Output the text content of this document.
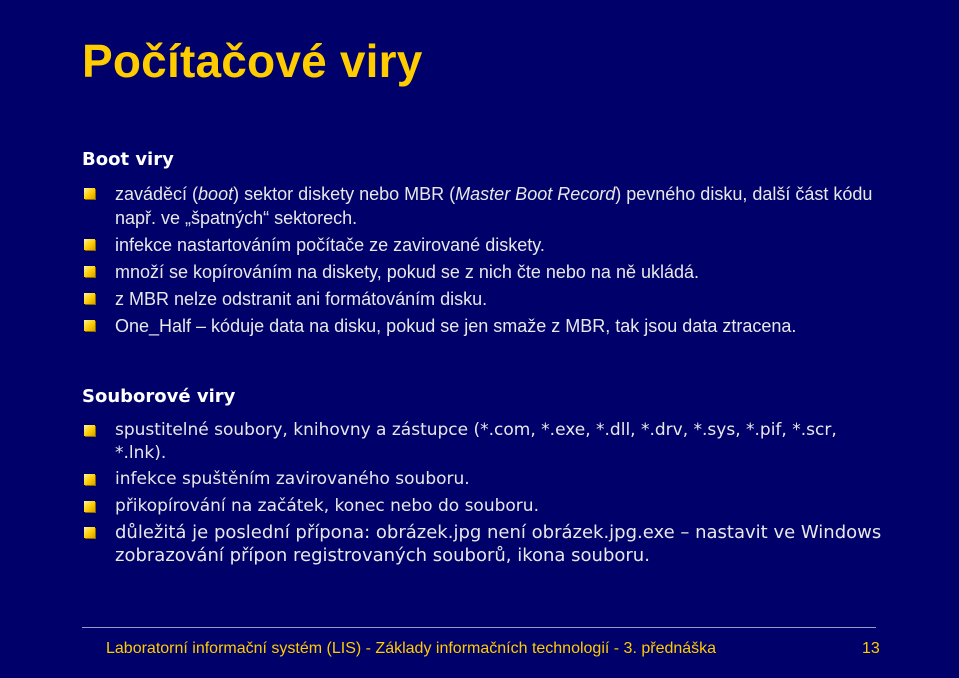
Počítačové viry
Boot viry
zaváděcí (boot) sektor diskety nebo MBR (Master Boot Record) pevného disku, další část kódu např. ve „špatných“ sektorech.
infekce nastartováním počítače ze zavirované diskety.
množí se kopírováním na diskety, pokud se z nich čte nebo na ně ukládá.
z MBR nelze odstranit ani formátováním disku.
One_Half – kóduje data na disku, pokud se jen smaže z MBR, tak jsou data ztracena.
Souborové viry
spustitelné soubory, knihovny a zástupce (*.com, *.exe, *.dll, *.drv, *.sys, *.pif, *.scr, *.lnk).
infekce spuštěním zavirovaného souboru.
přikopírování na začátek, konec nebo do souboru.
důležitá je poslední přípona: obrázek.jpg není obrázek.jpg.exe – nastavit ve Windows zobrazování přípon registrovaných souborů, ikona souboru.
Laboratorní informační systém (LIS) - Základy informačních technologií - 3. přednáška	13
